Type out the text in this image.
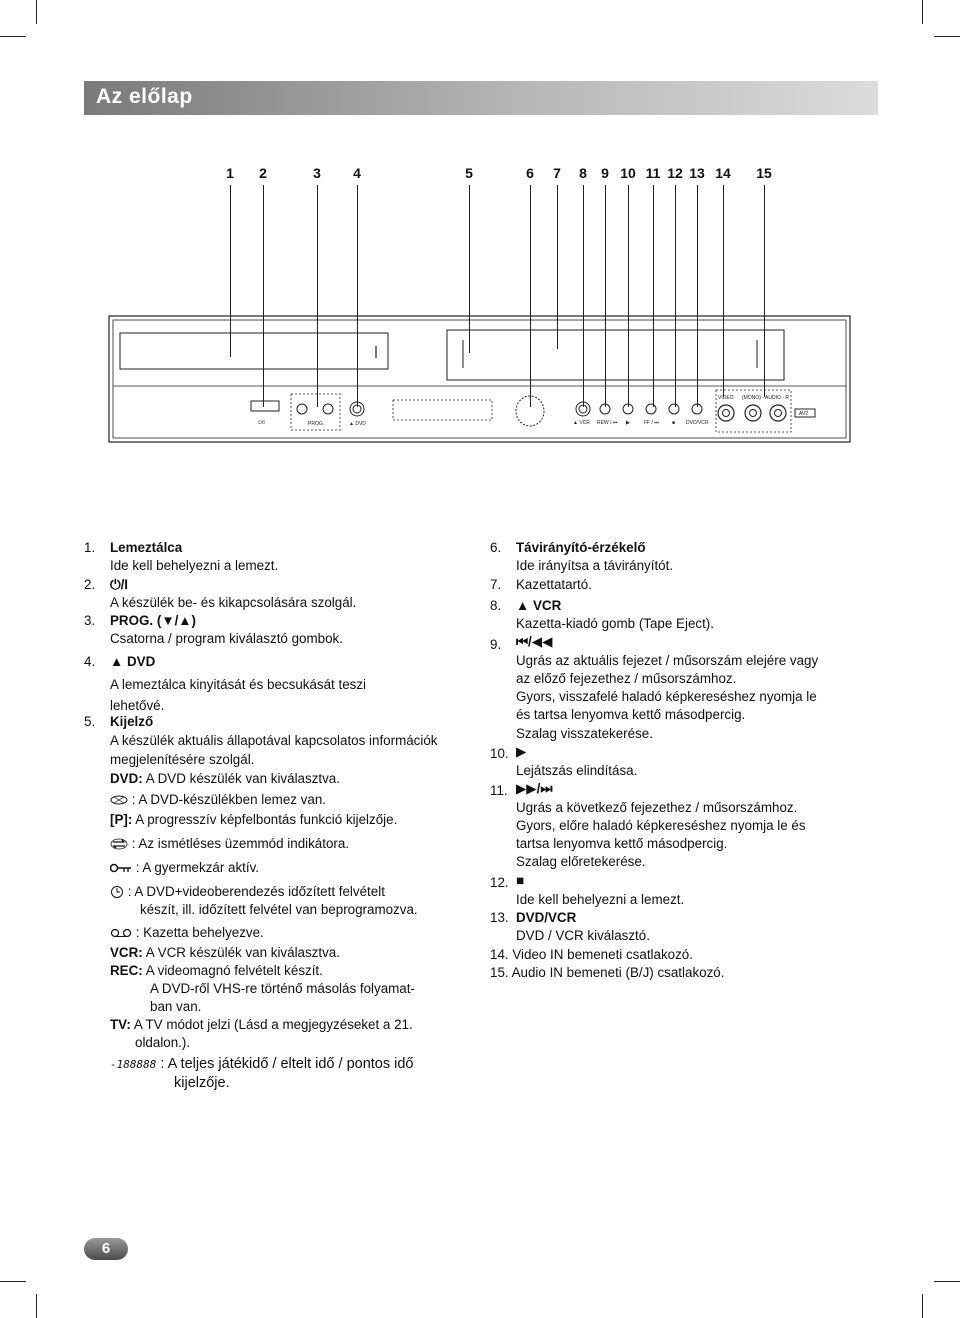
Az előlap
1 2	3 4	5	6 7 8 9 10 11 12 13 14 15
⏻/I	PROG.	▲ DVD	▲ VCR REW / ⏮ ▶	FF / ⏭	■ DVD/VCR
VIDEO (MONO) - AUDIO - R
AV2
1. Lemeztálca
Ide kell behelyezni a lemezt.
2. ⏻/I
A készülék be- és kikapcsolására szolgál.
3. PROG. (▼/▲)
Csatorna / program kiválasztó gombok.
4. ▲ DVD
A lemeztálca kinyitását és becsukását teszi
lehetővé.
5. Kijelző
A készülék aktuális állapotával kapcsolatos információk
megjelenítésére szolgál.
DVD: A DVD készülék van kiválasztva.
: A DVD-készülékben lemez van.
[P]: A progresszív képfelbontás funkció kijelzője.
: Az ismétléses üzemmód indikátora.
: A gyermekzár aktív.
: A DVD+videoberendezés időzített felvételt
készít, ill. időzített felvétel van beprogramozva.
: Kazetta behelyezve.
VCR: A VCR készülék van kiválasztva.
REC: A videomagnó felvételt készít.
A DVD-ről VHS-re történő másolás folyamat-
ban van.
TV: A TV módot jelzi (Lásd a megjegyzéseket a 21.
oldalon.).
-188888 : A teljes játékidő / eltelt idő / pontos idő
kijelzője.
6. Távirányító-érzékelő
Ide irányítsa a távirányítót.
7. Kazettatartó.
8. ▲ VCR
Kazetta-kiadó gomb (Tape Eject).
9. ⏮/◀◀
Ugrás az aktuális fejezet / műsorszám elejére vagy
az előző fejezethez / műsorszámhoz.
Gyors, visszafelé haladó képkereséshez nyomja le
és tartsa lenyomva kettő másodpercig.
Szalag visszatekerése.
10. ▶
Lejátszás elindítása.
11. ▶▶/⏭
Ugrás a következő fejezethez / műsorszámhoz.
Gyors, előre haladó képkereséshez nyomja le és
tartsa lenyomva kettő másodpercig.
Szalag előretekerése.
12. ■
Ide kell behelyezni a lemezt.
13. DVD/VCR
DVD / VCR kiválasztó.
14. Video IN bemeneti csatlakozó.
15. Audio IN bemeneti (B/J) csatlakozó.
6
